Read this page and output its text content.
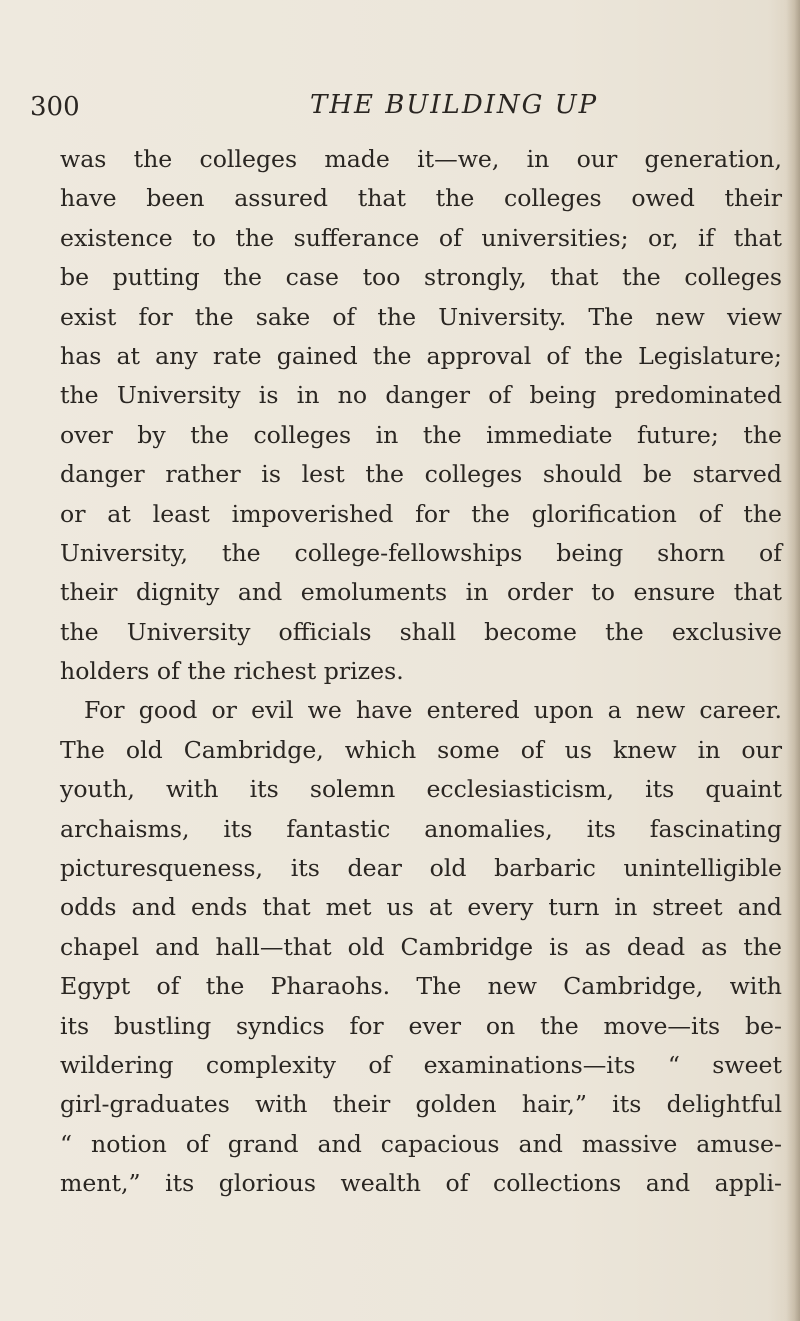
300	THE BUILDING UP
was the colleges made it—we, in our generation,
have been assured that the colleges owed their
existence to the sufferance of universities; or, if that
be putting the case too strongly, that the colleges
exist for the sake of the University. The new view
has at any rate gained the approval of the Legislature;
the University is in no danger of being predominated
over by the colleges in the immediate future; the
danger rather is lest the colleges should be starved
or at least impoverished for the glorification of the
University, the college-fellowships being shorn of
their dignity and emoluments in order to ensure that
the University officials shall become the exclusive
holders of the richest prizes.
For good or evil we have entered upon a new career.
The old Cambridge, which some of us knew in our
youth, with its solemn ecclesiasticism, its quaint
archaisms, its fantastic anomalies, its fascinating
picturesqueness, its dear old barbaric unintelligible
odds and ends that met us at every turn in street and
chapel and hall—that old Cambridge is as dead as the
Egypt of the Pharaohs. The new Cambridge, with
its bustling syndics for ever on the move—its be-
wildering complexity of examinations—its “ sweet
girl-graduates with their golden hair,” its delightful
“ notion of grand and capacious and massive amuse-
ment,” its glorious wealth of collections and appli-
